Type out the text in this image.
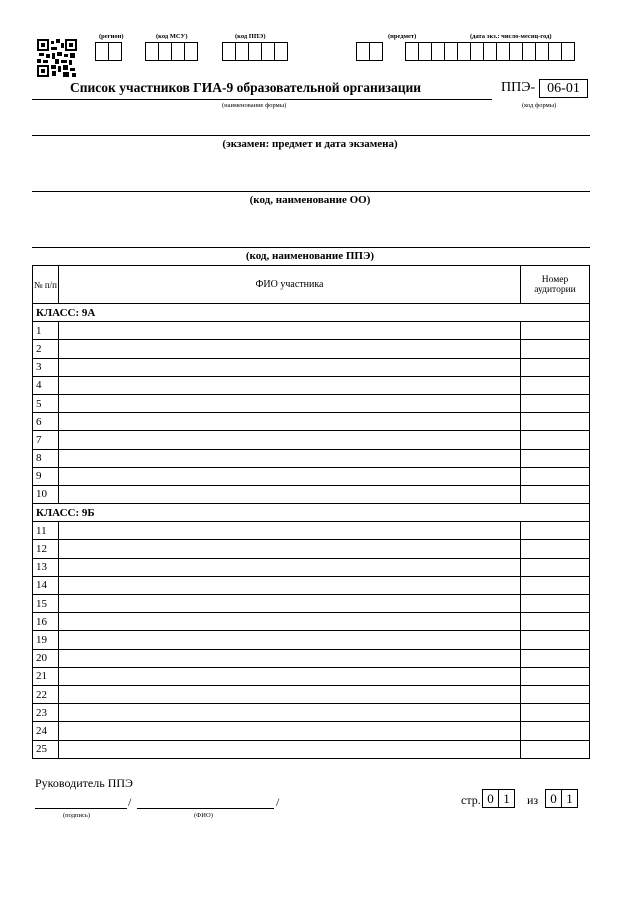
(регион)	(код МСУ)	(код ППЭ)	(предмет)	(дата экз.: число-месяц-год)
Список участников ГИА-9 образовательной организации
(наименование формы)
ППЭ- 06-01
(код формы)
(экзамен: предмет и дата экзамена)
(код, наименование ОО)
(код, наименование ППЭ)
№ п/п	ФИО участника	Номер аудитории
КЛАСС: 9А		
1		
2		
3		
4		
5		
6		
7		
8		
9		
10		
КЛАСС: 9Б		
11		
12		
13		
14		
15		
16		
19		
20		
21		
22		
23		
24		
25		
Руководитель ППЭ
/	/
(подпись)	(ФИО)
стр. 0 1	из 0 1
